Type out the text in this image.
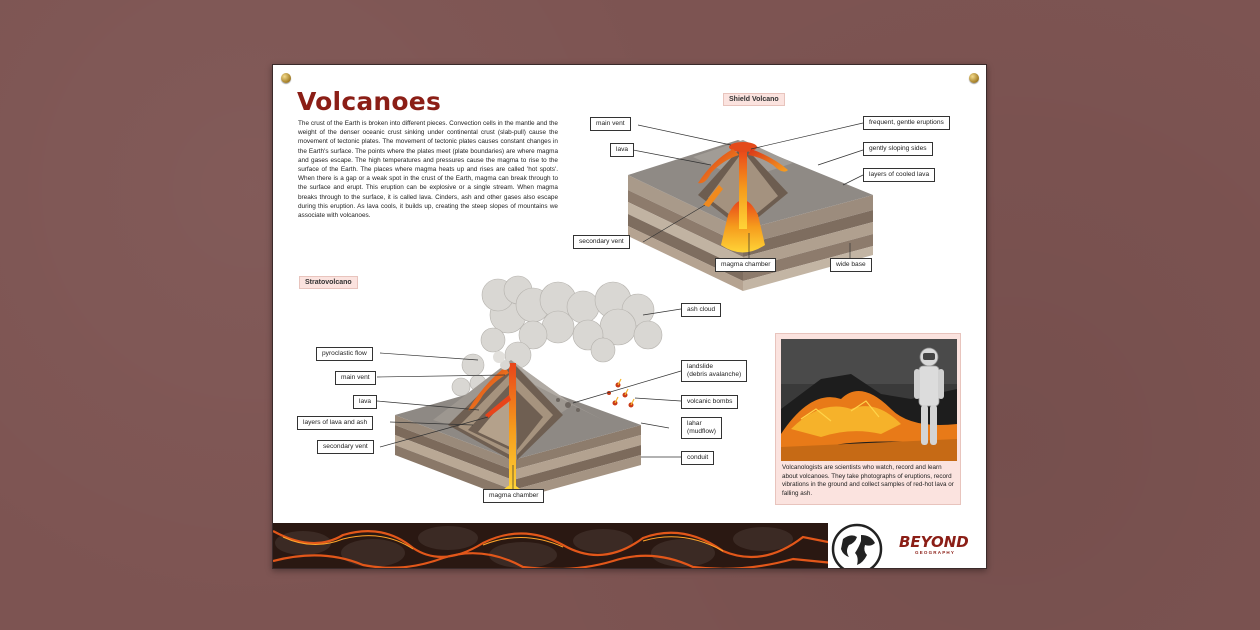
Volcanoes
The crust of the Earth is broken into different pieces. Convection cells in the mantle and the weight of the denser oceanic crust sinking under continental crust (slab-pull) cause the movement of tectonic plates. The movement of tectonic plates causes constant changes in the Earth's surface. The points where the plates meet (plate boundaries) are where magma and gases escape. The high temperatures and pressures cause the magma to rise to the surface of the Earth. The places where magma heats up and rises are called 'hot spots'. When there is a gap or a weak spot in the crust of the Earth, magma can break through to the surface and erupt. This eruption can be explosive or a single stream. When magma breaks through to the surface, it is called lava. Cinders, ash and other gases also escape during this eruption. As lava cools, it builds up, creating the steep slopes of mountains we associate with volcanoes.
Shield Volcano
main vent
lava
secondary vent
magma chamber
frequent, gentle eruptions
gently sloping sides
layers of cooled lava
wide base
Stratovolcano
pyroclastic flow
main vent
lava
layers of lava and ash
secondary vent
magma chamber
ash cloud
landslide
(debris avalanche)
volcanic bombs
lahar
(mudflow)
conduit
Volcanologists are scientists who watch, record and learn about volcanoes. They take photographs of eruptions, record vibrations in the ground and collect samples of red-hot lava or falling ash.
BEYOND
GEOGRAPHY
